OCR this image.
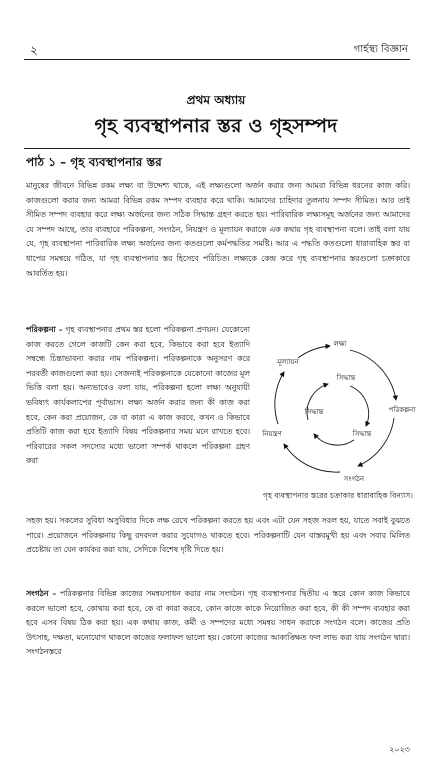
২	গার্হস্থ্য বিজ্ঞান
প্রথম অধ্যায়
গৃহ ব্যবস্থাপনার স্তর ও গৃহসম্পদ
পাঠ ১ – গৃহ ব্যবস্থাপনার স্তর
মানুষের জীবনে বিভিন্ন রকম লক্ষ্য বা উদ্দেশ্য থাকে, এই লক্ষ্যগুলো অর্জন করার জন্য আমরা বিভিন্ন ধরনের কাজ করি। কাজগুলো করার জন্য আমরা বিভিন্ন রকম সম্পদ ব্যবহার করে থাকি। আমাদের চাহিদার তুলনায় সম্পদ সীমিত। আর তাই সীমিত সম্পদ ব্যবহার করে লক্ষ্য অর্জনের জন্য সঠিক সিদ্ধান্ত গ্রহণ করতে হয়। পারিবারিক লক্ষ্যসমূহ অর্জনের জন্য আমাদের যে সম্পদ আছে, তার ব্যবহারে পরিকল্পনা, সংগঠন, নিয়ন্ত্রণ ও মূল্যায়ন করাকে এক কথায় গৃহ ব্যবস্থাপনা বলে। তাই বলা যায় যে, গৃহ ব্যবস্থাপনা পারিবারিক লক্ষ্য অর্জনের জন্য কতগুলো কর্মপদ্ধতির সমষ্টি। আর এ পদ্ধতি কতগুলো ধারাবাহিক স্তর বা ধাপের সমন্বয়ে গঠিত, যা গৃহ ব্যবস্থাপনার স্তর হিসেবে পরিচিত। লক্ষ্যকে কেন্দ্র করে গৃহ ব্যবস্থাপনার স্তরগুলো চক্রাকারে আবর্তিত হয়।
পরিকল্পনা – গৃহ ব্যবস্থাপনার প্রথম স্তর হলো পরিকল্পনা প্রণয়ন। যেকোনো কাজ করতে গেলে কাজটি কেন করা হবে, কিভাবে করা হবে ইত্যাদি সম্বন্ধে চিন্তাভাবনা করার নাম পরিকল্পনা। পরিকল্পনাকে অনুসরণ করে পরবর্তী কাজগুলো করা হয়। সেজন্যই পরিকল্পনাকে যেকোনো কাজের মূল ভিত্তি বলা হয়। অন্যভাবেও বলা যায়, পরিকল্পনা হলো লক্ষ্য অনুযায়ী ভবিষ্যৎ কার্যকলাপের পূর্বাভাস। লক্ষ্য অর্জন করার জন্য কী কাজ করা হবে, কেন করা প্রয়োজন, কে বা কারা এ কাজ করবে, কখন ও কিভাবে প্রতিটি কাজ করা হবে ইত্যাদি বিষয় পরিকল্পনার সময় মনে রাখতে হবে। পরিবারের সকল সদস্যের মধ্যে ভালো সম্পর্ক থাকলে পরিকল্পনা গ্রহণ করা
লক্ষ্য
পরিকল্পনা
সংগঠন
নিয়ন্ত্রণ
মূল্যায়ন
সিদ্ধান্ত
সিদ্ধান্ত
সিদ্ধান্ত
গৃহ ব্যবস্থাপনার স্তরের চক্রাকার ধারাবাহিক বিন্যাস।
সহজ হয়। সকলের সুবিধা অসুবিধার দিকে লক্ষ রেখে পরিকল্পনা করতে হয় এবং এটা যেন সহজ সরল হয়, যাতে সবাই বুঝতে পারে। প্রয়োজনে পরিকল্পনায় কিছু রদবদল করার সুযোগও থাকতে হবে। পরিকল্পনাটি যেন বাস্তবমুখী হয় এবং সবার মিলিত প্রচেষ্টায় তা যেন কার্যকর করা যায়, সেদিকে বিশেষ দৃষ্টি দিতে হয়।
সংগঠন – পরিকল্পনার বিভিন্ন কাজের সমন্বয়সাধন করার নাম সংগঠন। গৃহ ব্যবস্থাপনার দ্বিতীয় এ স্তরে কোন কাজ কিভাবে করলে ভালো হবে, কোথায় করা হবে, কে বা কারা করবে, কোন কাজে কাকে নিয়োজিত করা হবে, কী কী সম্পদ ব্যবহার করা হবে এসব বিষয় ঠিক করা হয়। এক কথায় কাজ, কর্মী ও সম্পদের মধ্যে সমন্বয় সাধন করাকে সংগঠন বলে। কাজের প্রতি উৎসাহ, দক্ষতা, মনোযোগ থাকলে কাজের ফলাফল ভালো হয়। কোনো কাজের আকাঙ্ক্ষিত ফল লাভ করা যায় সংগঠন দ্বারা। সংগঠনস্তরে
২০২৩
